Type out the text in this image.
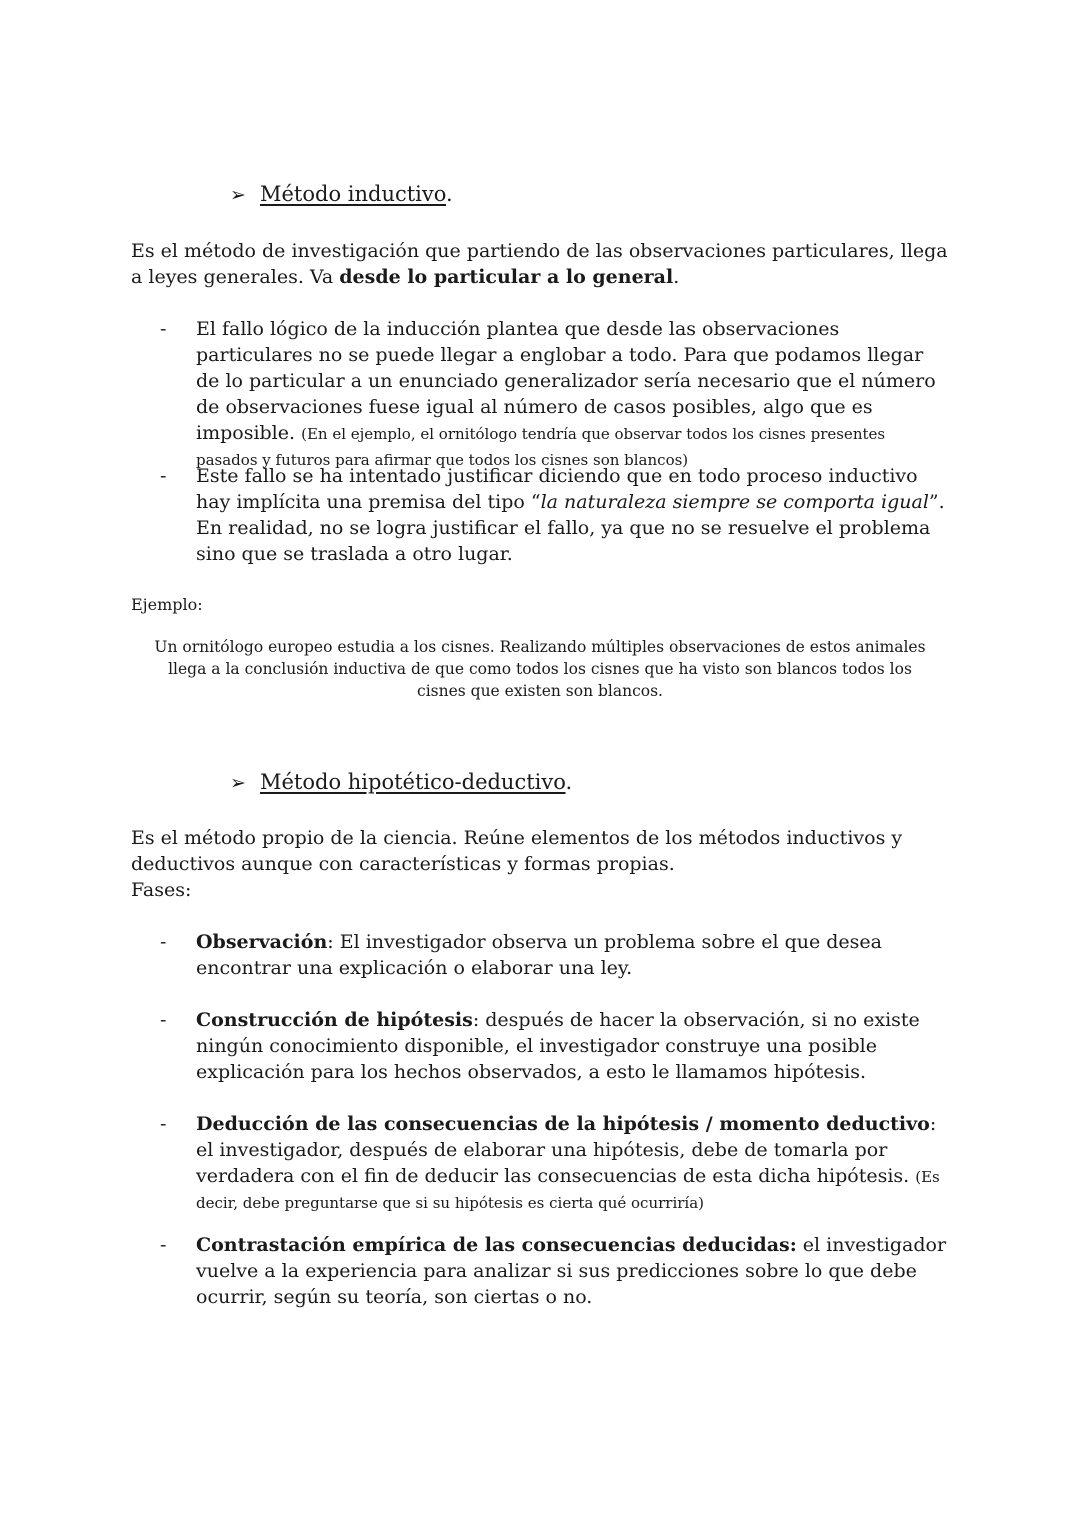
➢ Método inductivo.
Es el método de investigación que partiendo de las observaciones particulares, llega a leyes generales. Va desde lo particular a lo general.
- El fallo lógico de la inducción plantea que desde las observaciones particulares no se puede llegar a englobar a todo. Para que podamos llegar de lo particular a un enunciado generalizador sería necesario que el número de observaciones fuese igual al número de casos posibles, algo que es imposible. (En el ejemplo, el ornitólogo tendría que observar todos los cisnes presentes pasados y futuros para afirmar que todos los cisnes son blancos)
- Este fallo se ha intentado justificar diciendo que en todo proceso inductivo hay implícita una premisa del tipo “la naturaleza siempre se comporta igual”. En realidad, no se logra justificar el fallo, ya que no se resuelve el problema sino que se traslada a otro lugar.
Ejemplo:
Un ornitólogo europeo estudia a los cisnes. Realizando múltiples observaciones de estos animales llega a la conclusión inductiva de que como todos los cisnes que ha visto son blancos todos los cisnes que existen son blancos.
➢ Método hipotético-deductivo.
Es el método propio de la ciencia. Reúne elementos de los métodos inductivos y deductivos aunque con características y formas propias.
Fases:
- Observación: El investigador observa un problema sobre el que desea encontrar una explicación o elaborar una ley.
- Construcción de hipótesis: después de hacer la observación, si no existe ningún conocimiento disponible, el investigador construye una posible explicación para los hechos observados, a esto le llamamos hipótesis.
- Deducción de las consecuencias de la hipótesis / momento deductivo: el investigador, después de elaborar una hipótesis, debe de tomarla por verdadera con el fin de deducir las consecuencias de esta dicha hipótesis. (Es decir, debe preguntarse que si su hipótesis es cierta qué ocurriría)
- Contrastación empírica de las consecuencias deducidas: el investigador vuelve a la experiencia para analizar si sus predicciones sobre lo que debe ocurrir, según su teoría, son ciertas o no.
